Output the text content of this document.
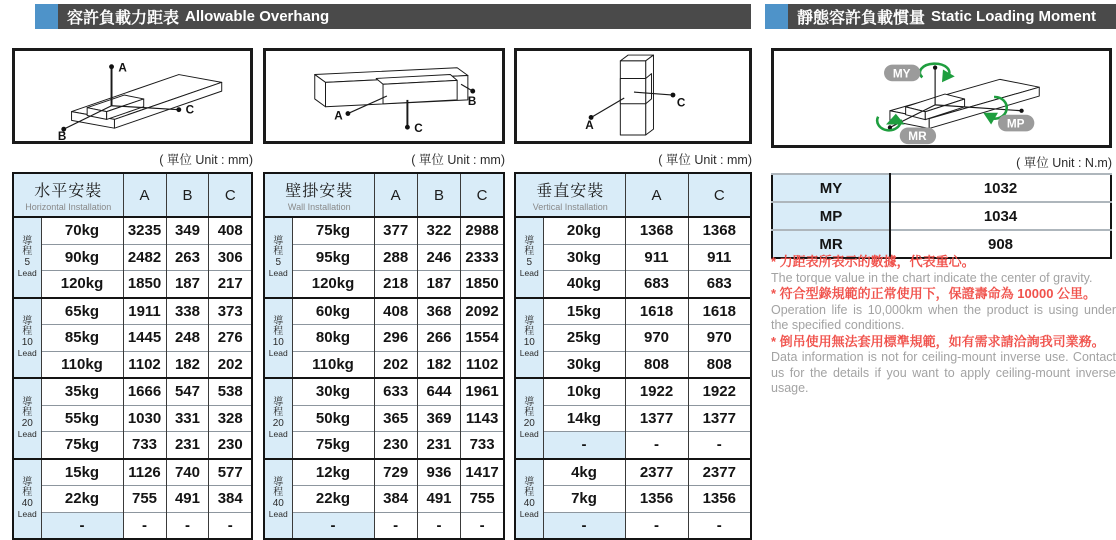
容許負載力距表 Allowable Overhang	靜態容許負載慣量 Static Loading Moment
A
B
C	A
B
C	A
C
MY
MP
MR
( 單位 Unit : mm)	( 單位 Unit : mm)	( 單位 Unit : mm)	( 單位 Unit : N.m)
水平安裝
Horizontal Installation		A	B	C

導
程
5
Lead	70kg	3235	349	408
	90kg	2482	263	306
	120kg	1850	187	217

導
程
10
Lead	65kg	1911	338	373
	85kg	1445	248	276
	110kg	1102	182	202

導
程
20
Lead	35kg	1666	547	538
	55kg	1030	331	328
	75kg	733	231	230

導
程
40
Lead	15kg	1126	740	577
	22kg	755	491	384
	-	-	-	-
壁掛安裝
Wall Installation		A	B	C

導
程
5
Lead	75kg	377	322	2988
	95kg	288	246	2333
	120kg	218	187	1850

導
程
10
Lead	60kg	408	368	2092
	80kg	296	266	1554
	110kg	202	182	1102

導
程
20
Lead	30kg	633	644	1961
	50kg	365	369	1143
	75kg	230	231	733

導
程
40
Lead	12kg	729	936	1417
	22kg	384	491	755
	-	-	-	-
垂直安裝
Vertical Installation		A	C

導
程
5
Lead	20kg	1368	1368
	30kg	911	911
	40kg	683	683

導
程
10
Lead	15kg	1618	1618
	25kg	970	970
	30kg	808	808

導
程
20
Lead	10kg	1922	1922
	14kg	1377	1377
	-	-	-

導
程
40
Lead	4kg	2377	2377
	7kg	1356	1356
	-	-	-
MY	1032
MP	1034
MR	908
* 力距表所表示的數據，代表重心。
The torque value in the chart indicate the center of gravity.
* 符合型錄規範的正常使用下，保證壽命為 10000 公里。
Operation life is 10,000km when the product is using under the specified conditions.
* 倒吊使用無法套用標準規範，如有需求請洽詢我司業務。
Data information is not for ceiling-mount inverse use. Contact us for the details if you want to apply ceiling-mount inverse usage.
